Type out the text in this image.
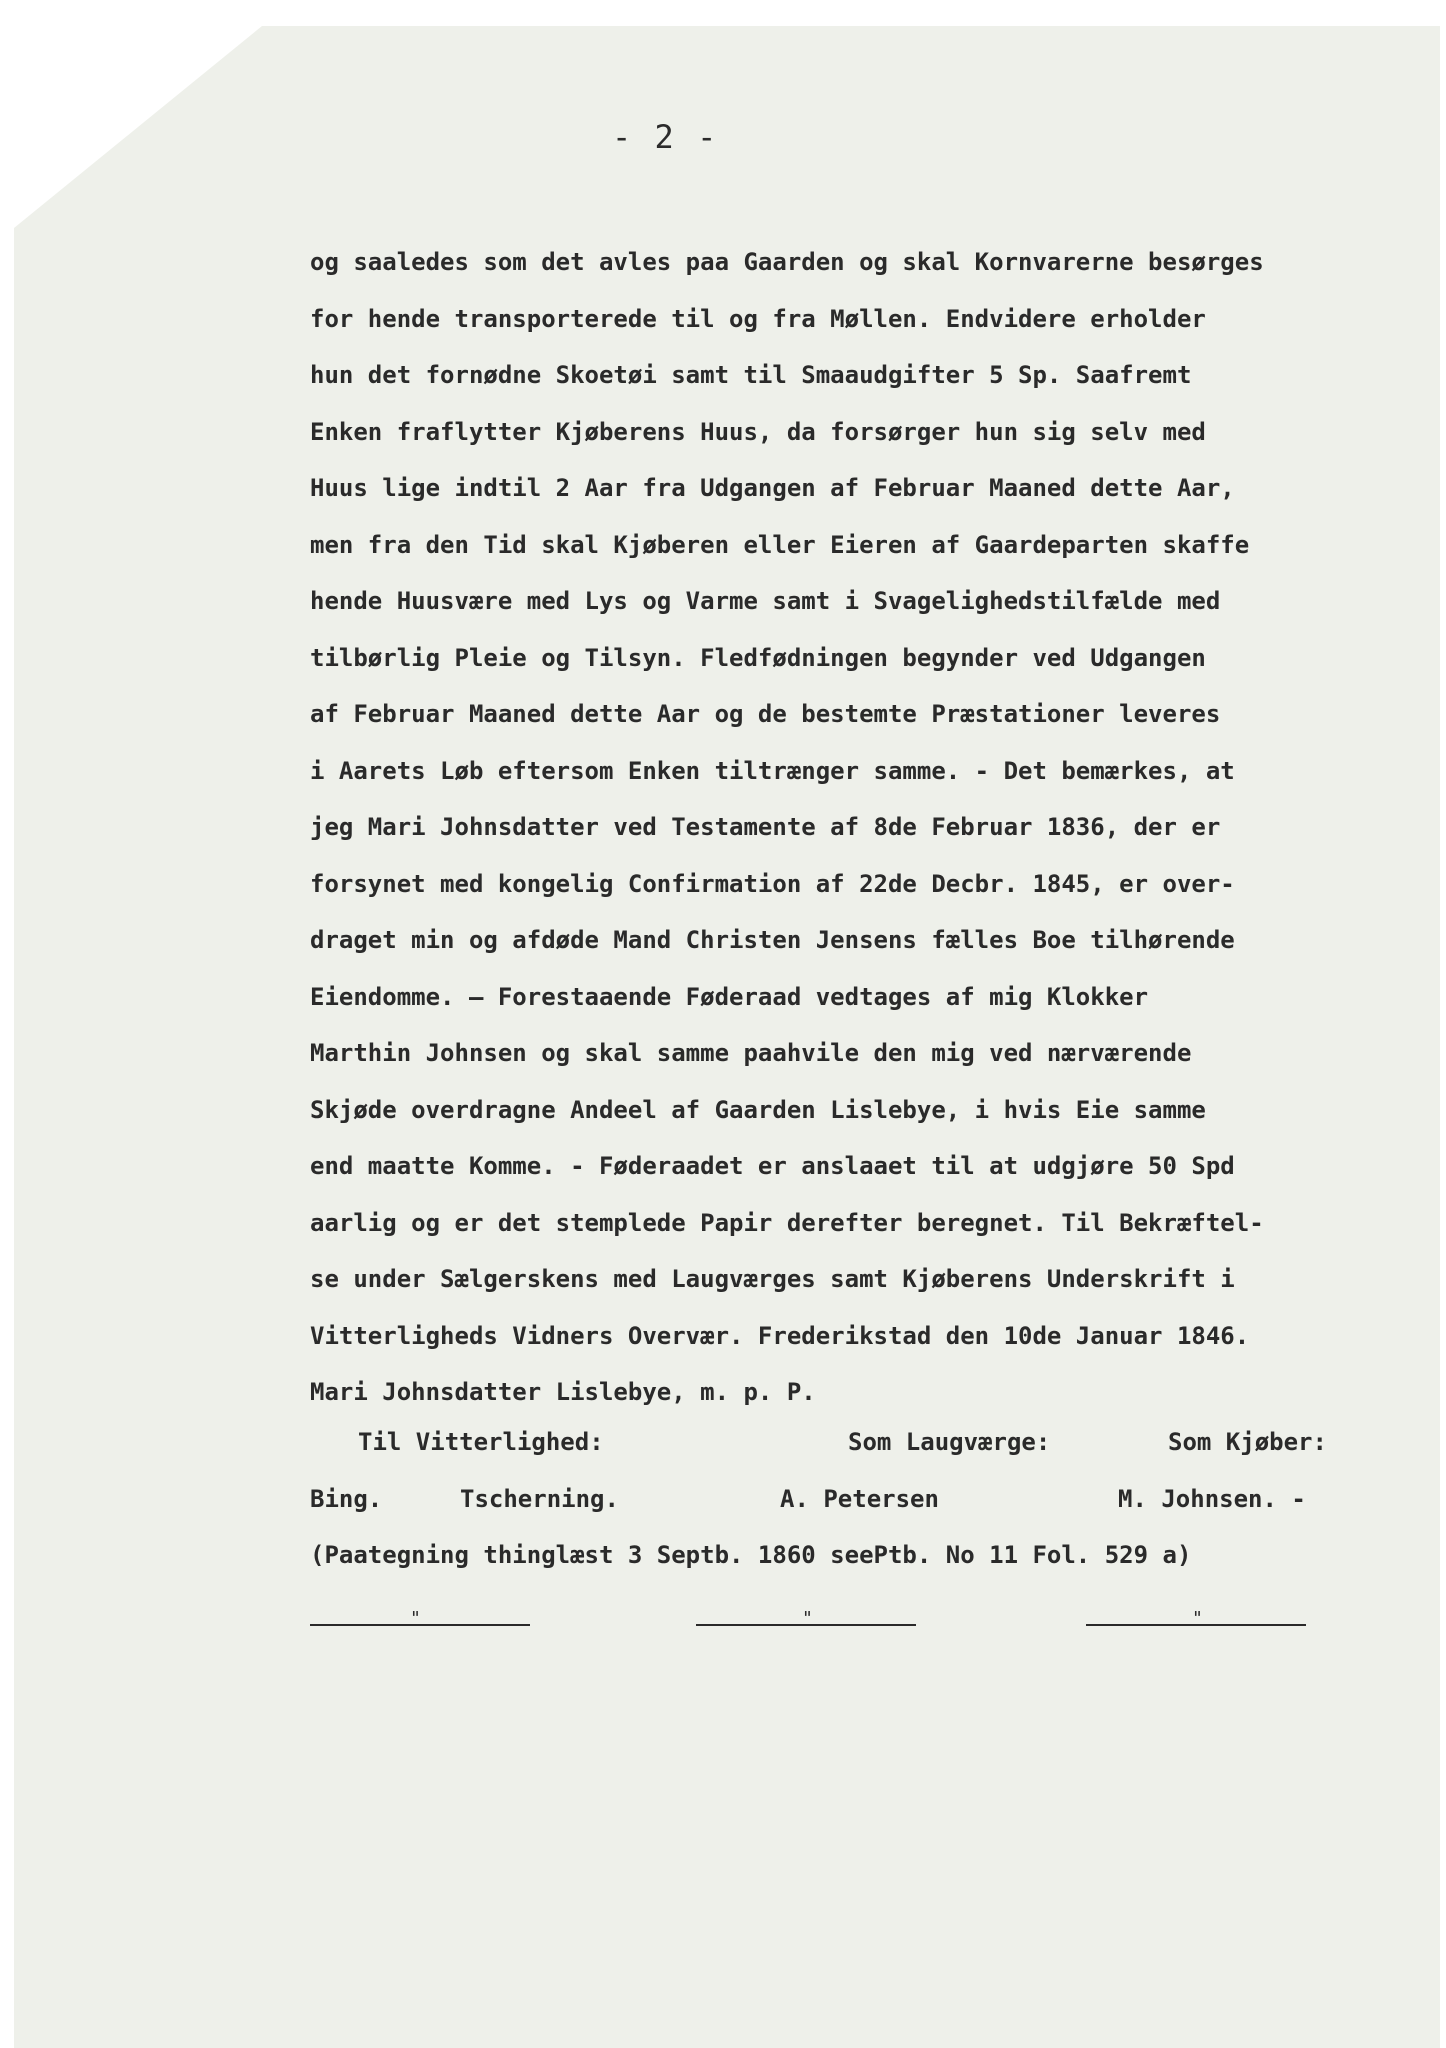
- 2 -
og saaledes som det avles paa Gaarden og skal Kornvarerne besørges
for hende transporterede til og fra Møllen. Endvidere erholder
hun det fornødne Skoetøi samt til Smaaudgifter 5 Sp. Saafremt
Enken fraflytter Kjøberens Huus, da forsørger hun sig selv med
Huus lige indtil 2 Aar fra Udgangen af Februar Maaned dette Aar,
men fra den Tid skal Kjøberen eller Eieren af Gaardeparten skaffe
hende Huusvære med Lys og Varme samt i Svagelighedstilfælde med
tilbørlig Pleie og Tilsyn. Fledfødningen begynder ved Udgangen
af Februar Maaned dette Aar og de bestemte Præstationer leveres
i Aarets Løb eftersom Enken tiltrænger samme. - Det bemærkes, at
jeg Mari Johnsdatter ved Testamente af 8de Februar 1836, der er
forsynet med kongelig Confirmation af 22de Decbr. 1845, er over-
draget min og afdøde Mand Christen Jensens fælles Boe tilhørende
Eiendomme. — Forestaaende Føderaad vedtages af mig Klokker
Marthin Johnsen og skal samme paahvile den mig ved nærværende
Skjøde overdragne Andeel af Gaarden Lislebye, i hvis Eie samme
end maatte Komme. - Føderaadet er anslaaet til at udgjøre 50 Spd
aarlig og er det stemplede Papir derefter beregnet. Til Bekræftel-
se under Sælgerskens med Laugværges samt Kjøberens Underskrift i
Vitterligheds Vidners Overvær. Frederikstad den 10de Januar 1846.
Mari Johnsdatter Lislebye, m. p. P.
Til Vitterlighed:	Som Laugværge:	Som Kjøber:
Bing.	Tscherning.	A. Petersen	M. Johnsen. -
(Paategning thinglæst 3 Septb. 1860 seePtb. No 11 Fol. 529 a)
"	"	"
